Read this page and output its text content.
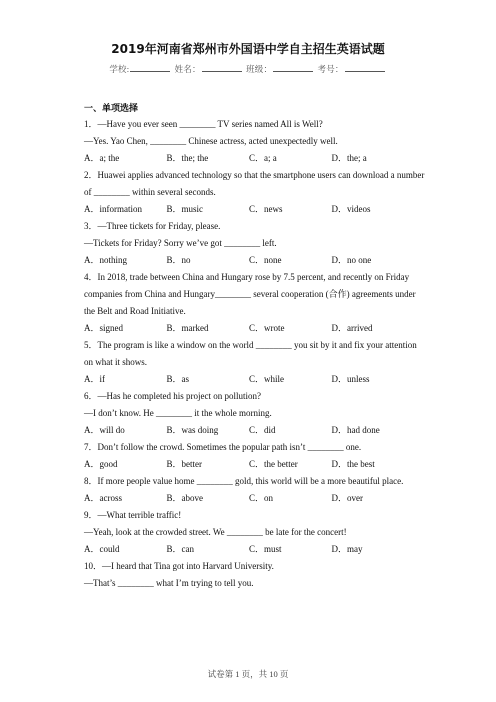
2019年河南省郑州市外国语中学自主招生英语试题
学校:	姓名：	班级：	考号：
一、单项选择
1．—Have you ever seen ________ TV series named All is Well?
—Yes. Yao Chen, ________ Chinese actress, acted unexpectedly well.
A．a; the	B．the; the	C．a; a	D．the; a
2．Huawei applies advanced technology so that the smartphone users can download a number
of ________ within several seconds.
A．information	B．music	C．news	D．videos
3．—Three tickets for Friday, please.
—Tickets for Friday? Sorry we’ve got ________ left.
A．nothing	B．no	C．none	D．no one
4．In 2018, trade between China and Hungary rose by 7.5 percent, and recently on Friday
companies from China and Hungary________ several cooperation (合作) agreements under
the Belt and Road Initiative.
A．signed	B．marked	C．wrote	D．arrived
5．The program is like a window on the world ________ you sit by it and fix your attention
on what it shows.
A．if	B．as	C．while	D．unless
6．—Has he completed his project on pollution?
—I don’t know. He ________ it the whole morning.
A．will do	B．was doing	C．did	D．had done
7．Don’t follow the crowd. Sometimes the popular path isn’t ________ one.
A．good	B．better	C．the better	D．the best
8．If more people value home ________ gold, this world will be a more beautiful place.
A．across	B．above	C．on	D．over
9．—What terrible traffic!
—Yeah, look at the crowded street. We ________ be late for the concert!
A．could	B．can	C．must	D．may
10．—I heard that Tina got into Harvard University.
—That’s ________ what I’m trying to tell you.
试卷第 1 页，共 10 页
